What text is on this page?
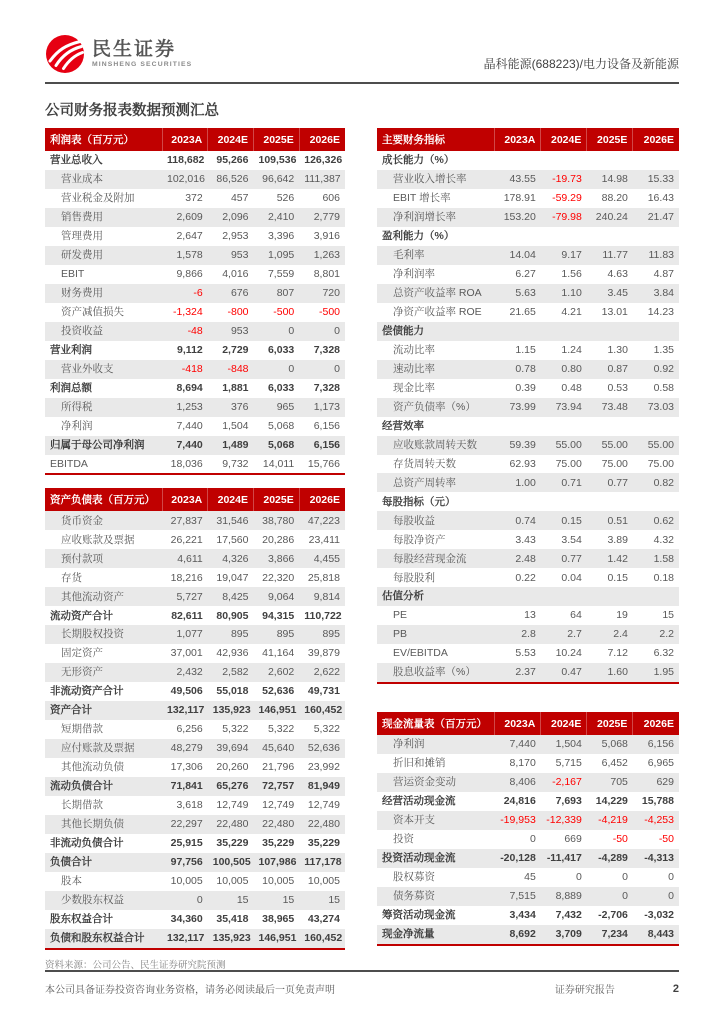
民生证券
MINSHENG SECURITIES	晶科能源(688223)/电力设备及新能源
公司财务报表数据预测汇总
利润表（百万元）	2023A	2024E	2025E	2026E
营业总收入	118,682	95,266	109,536	126,326
营业成本	102,016	86,526	96,642	111,387
营业税金及附加	372	457	526	606
销售费用	2,609	2,096	2,410	2,779
管理费用	2,647	2,953	3,396	3,916
研发费用	1,578	953	1,095	1,263
EBIT	9,866	4,016	7,559	8,801
财务费用	-6	676	807	720
资产减值损失	-1,324	-800	-500	-500
投资收益	-48	953	0	0
营业利润	9,112	2,729	6,033	7,328
营业外收支	-418	-848	0	0
利润总额	8,694	1,881	6,033	7,328
所得税	1,253	376	965	1,173
净利润	7,440	1,504	5,068	6,156
归属于母公司净利润	7,440	1,489	5,068	6,156
EBITDA	18,036	9,732	14,011	15,766
资产负债表（百万元）	2023A	2024E	2025E	2026E
货币资金	27,837	31,546	38,780	47,223
应收账款及票据	26,221	17,560	20,286	23,411
预付款项	4,611	4,326	3,866	4,455
存货	18,216	19,047	22,320	25,818
其他流动资产	5,727	8,425	9,064	9,814
流动资产合计	82,611	80,905	94,315	110,722
长期股权投资	1,077	895	895	895
固定资产	37,001	42,936	41,164	39,879
无形资产	2,432	2,582	2,602	2,622
非流动资产合计	49,506	55,018	52,636	49,731
资产合计	132,117	135,923	146,951	160,452
短期借款	6,256	5,322	5,322	5,322
应付账款及票据	48,279	39,694	45,640	52,636
其他流动负债	17,306	20,260	21,796	23,992
流动负债合计	71,841	65,276	72,757	81,949
长期借款	3,618	12,749	12,749	12,749
其他长期负债	22,297	22,480	22,480	22,480
非流动负债合计	25,915	35,229	35,229	35,229
负债合计	97,756	100,505	107,986	117,178
股本	10,005	10,005	10,005	10,005
少数股东权益	0	15	15	15
股东权益合计	34,360	35,418	38,965	43,274
负债和股东权益合计	132,117	135,923	146,951	160,452
资料来源：公司公告、民生证券研究院预测
主要财务指标	2023A	2024E	2025E	2026E
成长能力（%）				
营业收入增长率	43.55	-19.73	14.98	15.33
EBIT 增长率	178.91	-59.29	88.20	16.43
净利润增长率	153.20	-79.98	240.24	21.47
盈利能力（%）				
毛利率	14.04	9.17	11.77	11.83
净利润率	6.27	1.56	4.63	4.87
总资产收益率 ROA	5.63	1.10	3.45	3.84
净资产收益率 ROE	21.65	4.21	13.01	14.23
偿债能力				
流动比率	1.15	1.24	1.30	1.35
速动比率	0.78	0.80	0.87	0.92
现金比率	0.39	0.48	0.53	0.58
资产负债率（%）	73.99	73.94	73.48	73.03
经营效率				
应收账款周转天数	59.39	55.00	55.00	55.00
存货周转天数	62.93	75.00	75.00	75.00
总资产周转率	1.00	0.71	0.77	0.82
每股指标（元）				
每股收益	0.74	0.15	0.51	0.62
每股净资产	3.43	3.54	3.89	4.32
每股经营现金流	2.48	0.77	1.42	1.58
每股股利	0.22	0.04	0.15	0.18
估值分析				
PE	13	64	19	15
PB	2.8	2.7	2.4	2.2
EV/EBITDA	5.53	10.24	7.12	6.32
股息收益率（%）	2.37	0.47	1.60	1.95
现金流量表（百万元）	2023A	2024E	2025E	2026E
净利润	7,440	1,504	5,068	6,156
折旧和摊销	8,170	5,715	6,452	6,965
营运资金变动	8,406	-2,167	705	629
经营活动现金流	24,816	7,693	14,229	15,788
资本开支	-19,953	-12,339	-4,219	-4,253
投资	0	669	-50	-50
投资活动现金流	-20,128	-11,417	-4,289	-4,313
股权募资	45	0	0	0
债务募资	7,515	8,889	0	0
筹资活动现金流	3,434	7,432	-2,706	-3,032
现金净流量	8,692	3,709	7,234	8,443
本公司具备证券投资咨询业务资格，请务必阅读最后一页免责声明	证券研究报告	2
